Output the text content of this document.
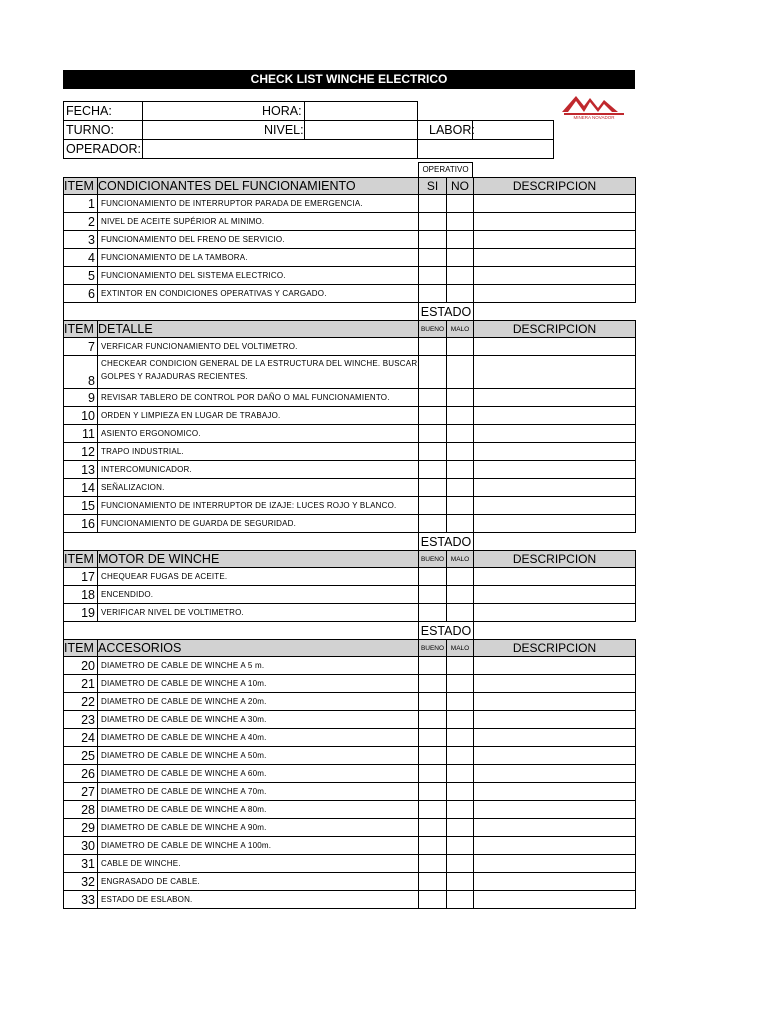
CHECK LIST WINCHE ELECTRICO
FECHA:	HORA:
TURNO:	NIVEL:	LABOR:
OPERADOR:
MINERA NOVADOR
OPERATIVO
ITEM	CONDICIONANTES DEL FUNCIONAMIENTO	SI	NO	DESCRIPCION
1	FUNCIONAMIENTO DE INTERRUPTOR PARADA DE EMERGENCIA.			
2	NIVEL DE ACEITE SUPÉRIOR AL MINIMO.			
3	FUNCIONAMIENTO DEL FRENO DE SERVICIO.			
4	FUNCIONAMIENTO DE LA TAMBORA.			
5	FUNCIONAMIENTO DEL SISTEMA ELECTRICO.			
6	EXTINTOR EN CONDICIONES OPERATIVAS Y CARGADO.			
		ESTADO		
ITEM	DETALLE	BUENO	MALO	DESCRIPCION
7	VERFICAR FUNCIONAMIENTO DEL VOLTIMETRO.			
8	CHECKEAR CONDICION GENERAL DE LA ESTRUCTURA DEL WINCHE. BUSCAR GOLPES Y RAJADURAS RECIENTES.			
9	REVISAR TABLERO DE CONTROL POR DAÑO O MAL FUNCIONAMIENTO.			
10	ORDEN Y LIMPIEZA EN LUGAR DE TRABAJO.			
11	ASIENTO ERGONOMICO.			
12	TRAPO INDUSTRIAL.			
13	INTERCOMUNICADOR.			
14	SEÑALIZACION.			
15	FUNCIONAMIENTO DE INTERRUPTOR DE IZAJE: LUCES ROJO Y BLANCO.			
16	FUNCIONAMIENTO DE GUARDA DE SEGURIDAD.			
		ESTADO		
ITEM	MOTOR DE WINCHE	BUENO	MALO	DESCRIPCION
17	CHEQUEAR FUGAS DE ACEITE.			
18	ENCENDIDO.			
19	VERIFICAR NIVEL DE VOLTIMETRO.			
		ESTADO		
ITEM	ACCESORIOS	BUENO	MALO	DESCRIPCION
20	DIAMETRO DE CABLE DE WINCHE A 5 m.			
21	DIAMETRO DE CABLE DE WINCHE A 10m.			
22	DIAMETRO DE CABLE DE WINCHE A 20m.			
23	DIAMETRO DE CABLE DE WINCHE A 30m.			
24	DIAMETRO DE CABLE DE WINCHE A 40m.			
25	DIAMETRO DE CABLE DE WINCHE A 50m.			
26	DIAMETRO DE CABLE DE WINCHE A 60m.			
27	DIAMETRO DE CABLE DE WINCHE A 70m.			
28	DIAMETRO DE CABLE DE WINCHE A 80m.			
29	DIAMETRO DE CABLE DE WINCHE A 90m.			
30	DIAMETRO DE CABLE DE WINCHE A 100m.			
31	CABLE DE WINCHE.			
32	ENGRASADO DE CABLE.			
33	ESTADO DE ESLABON.			
